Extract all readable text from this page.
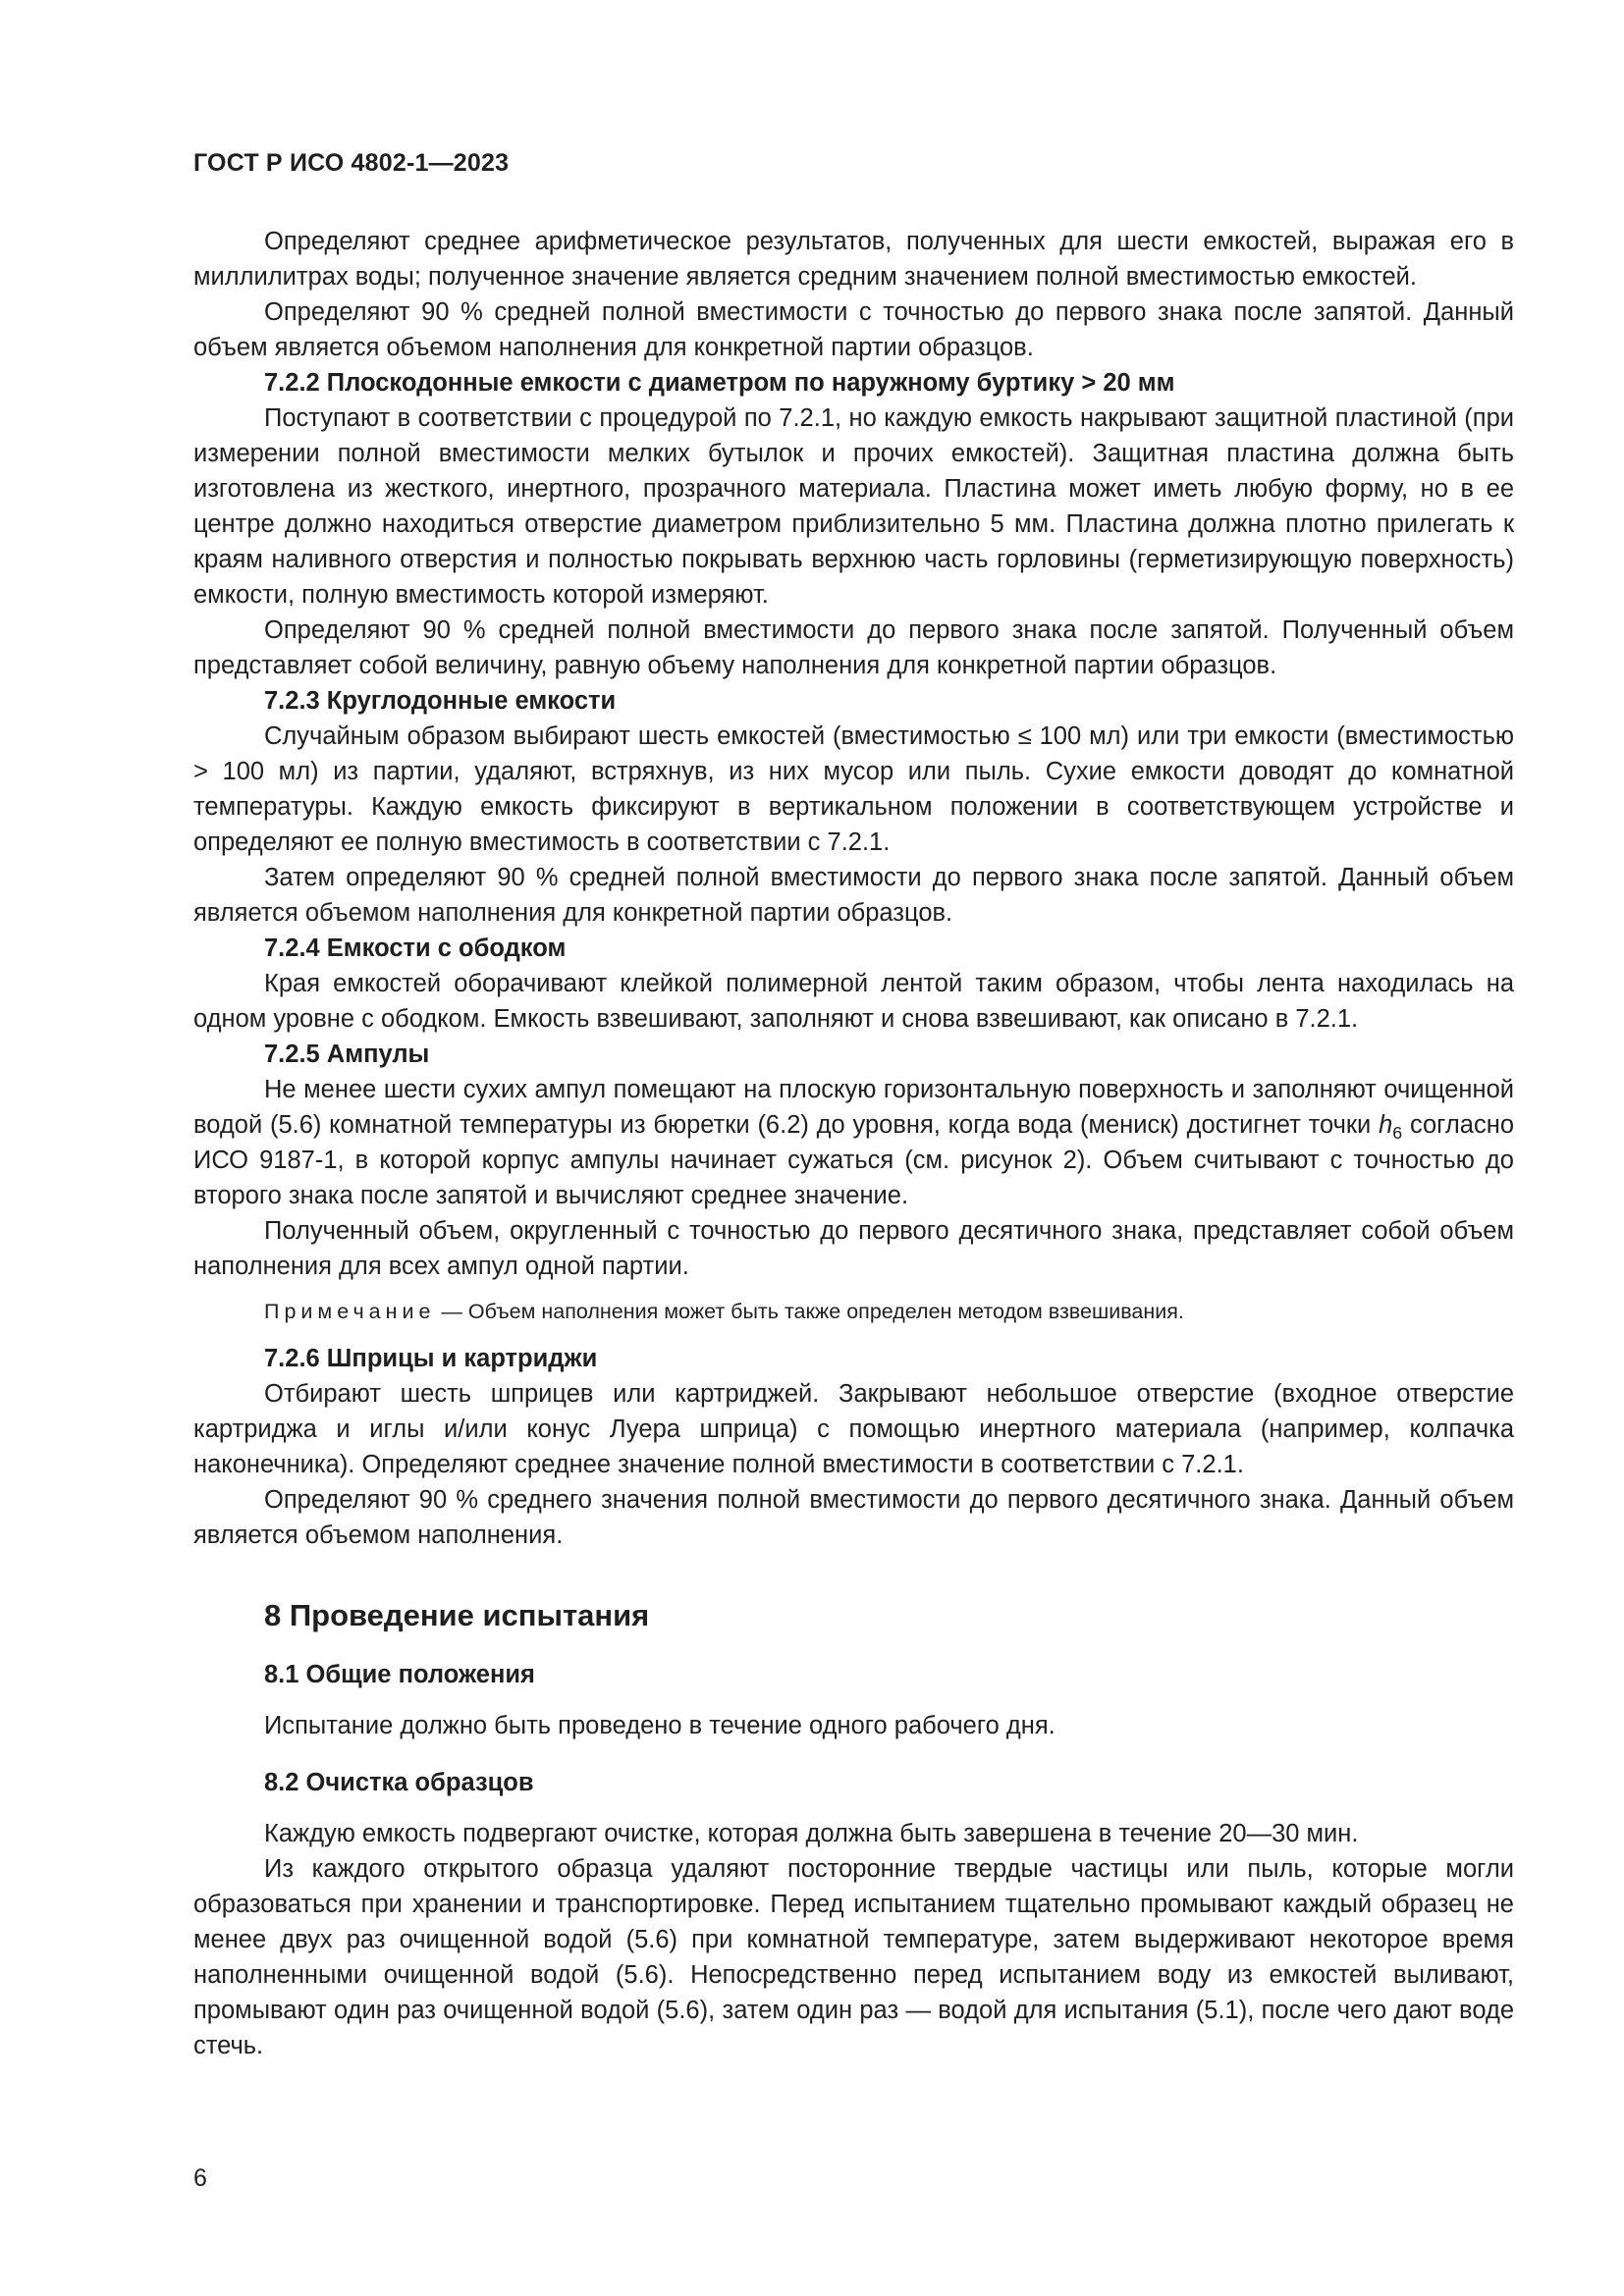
ГОСТ Р ИСО 4802-1—2023

Определяют среднее арифметическое результатов, полученных для шести емкостей, выражая его в миллилитрах воды; полученное значение является средним значением полной вместимостью емкостей.

Определяют 90 % средней полной вместимости с точностью до первого знака после запятой. Данный объем является объемом наполнения для конкретной партии образцов.

7.2.2 Плоскодонные емкости с диаметром по наружному буртику > 20 мм

Поступают в соответствии с процедурой по 7.2.1, но каждую емкость накрывают защитной пластиной (при измерении полной вместимости мелких бутылок и прочих емкостей). Защитная пластина должна быть изготовлена из жесткого, инертного, прозрачного материала. Пластина может иметь любую форму, но в ее центре должно находиться отверстие диаметром приблизительно 5 мм. Пластина должна плотно прилегать к краям наливного отверстия и полностью покрывать верхнюю часть горловины (герметизирующую поверхность) емкости, полную вместимость которой измеряют.

Определяют 90 % средней полной вместимости до первого знака после запятой. Полученный объем представляет собой величину, равную объему наполнения для конкретной партии образцов.

7.2.3 Круглодонные емкости

Случайным образом выбирают шесть емкостей (вместимостью ≤ 100 мл) или три емкости (вместимостью > 100 мл) из партии, удаляют, встряхнув, из них мусор или пыль. Сухие емкости доводят до комнатной температуры. Каждую емкость фиксируют в вертикальном положении в соответствующем устройстве и определяют ее полную вместимость в соответствии с 7.2.1.

Затем определяют 90 % средней полной вместимости до первого знака после запятой. Данный объем является объемом наполнения для конкретной партии образцов.

7.2.4 Емкости с ободком

Края емкостей оборачивают клейкой полимерной лентой таким образом, чтобы лента находилась на одном уровне с ободком. Емкость взвешивают, заполняют и снова взвешивают, как описано в 7.2.1.

7.2.5 Ампулы

Не менее шести сухих ампул помещают на плоскую горизонтальную поверхность и заполняют очищенной водой (5.6) комнатной температуры из бюретки (6.2) до уровня, когда вода (мениск) достигнет точки $h_6$ согласно ИСО 9187-1, в которой корпус ампулы начинает сужаться (см. рисунок 2). Объем считывают с точностью до второго знака после запятой и вычисляют среднее значение.

Полученный объем, округленный с точностью до первого десятичного знака, представляет собой объем наполнения для всех ампул одной партии.

Примечание — Объем наполнения может быть также определен методом взвешивания.

7.2.6 Шприцы и картриджи

Отбирают шесть шприцев или картриджей. Закрывают небольшое отверстие (входное отверстие картриджа и иглы и/или конус Луера шприца) с помощью инертного материала (например, колпачка наконечника). Определяют среднее значение полной вместимости в соответствии с 7.2.1.

Определяют 90 % среднего значения полной вместимости до первого десятичного знака. Данный объем является объемом наполнения.

8 Проведение испытания

8.1 Общие положения

Испытание должно быть проведено в течение одного рабочего дня.

8.2 Очистка образцов

Каждую емкость подвергают очистке, которая должна быть завершена в течение 20—30 мин.

Из каждого открытого образца удаляют посторонние твердые частицы или пыль, которые могли образоваться при хранении и транспортировке. Перед испытанием тщательно промывают каждый образец не менее двух раз очищенной водой (5.6) при комнатной температуре, затем выдерживают некоторое время наполненными очищенной водой (5.6). Непосредственно перед испытанием воду из емкостей выливают, промывают один раз очищенной водой (5.6), затем один раз — водой для испытания (5.1), после чего дают воде стечь.

6
